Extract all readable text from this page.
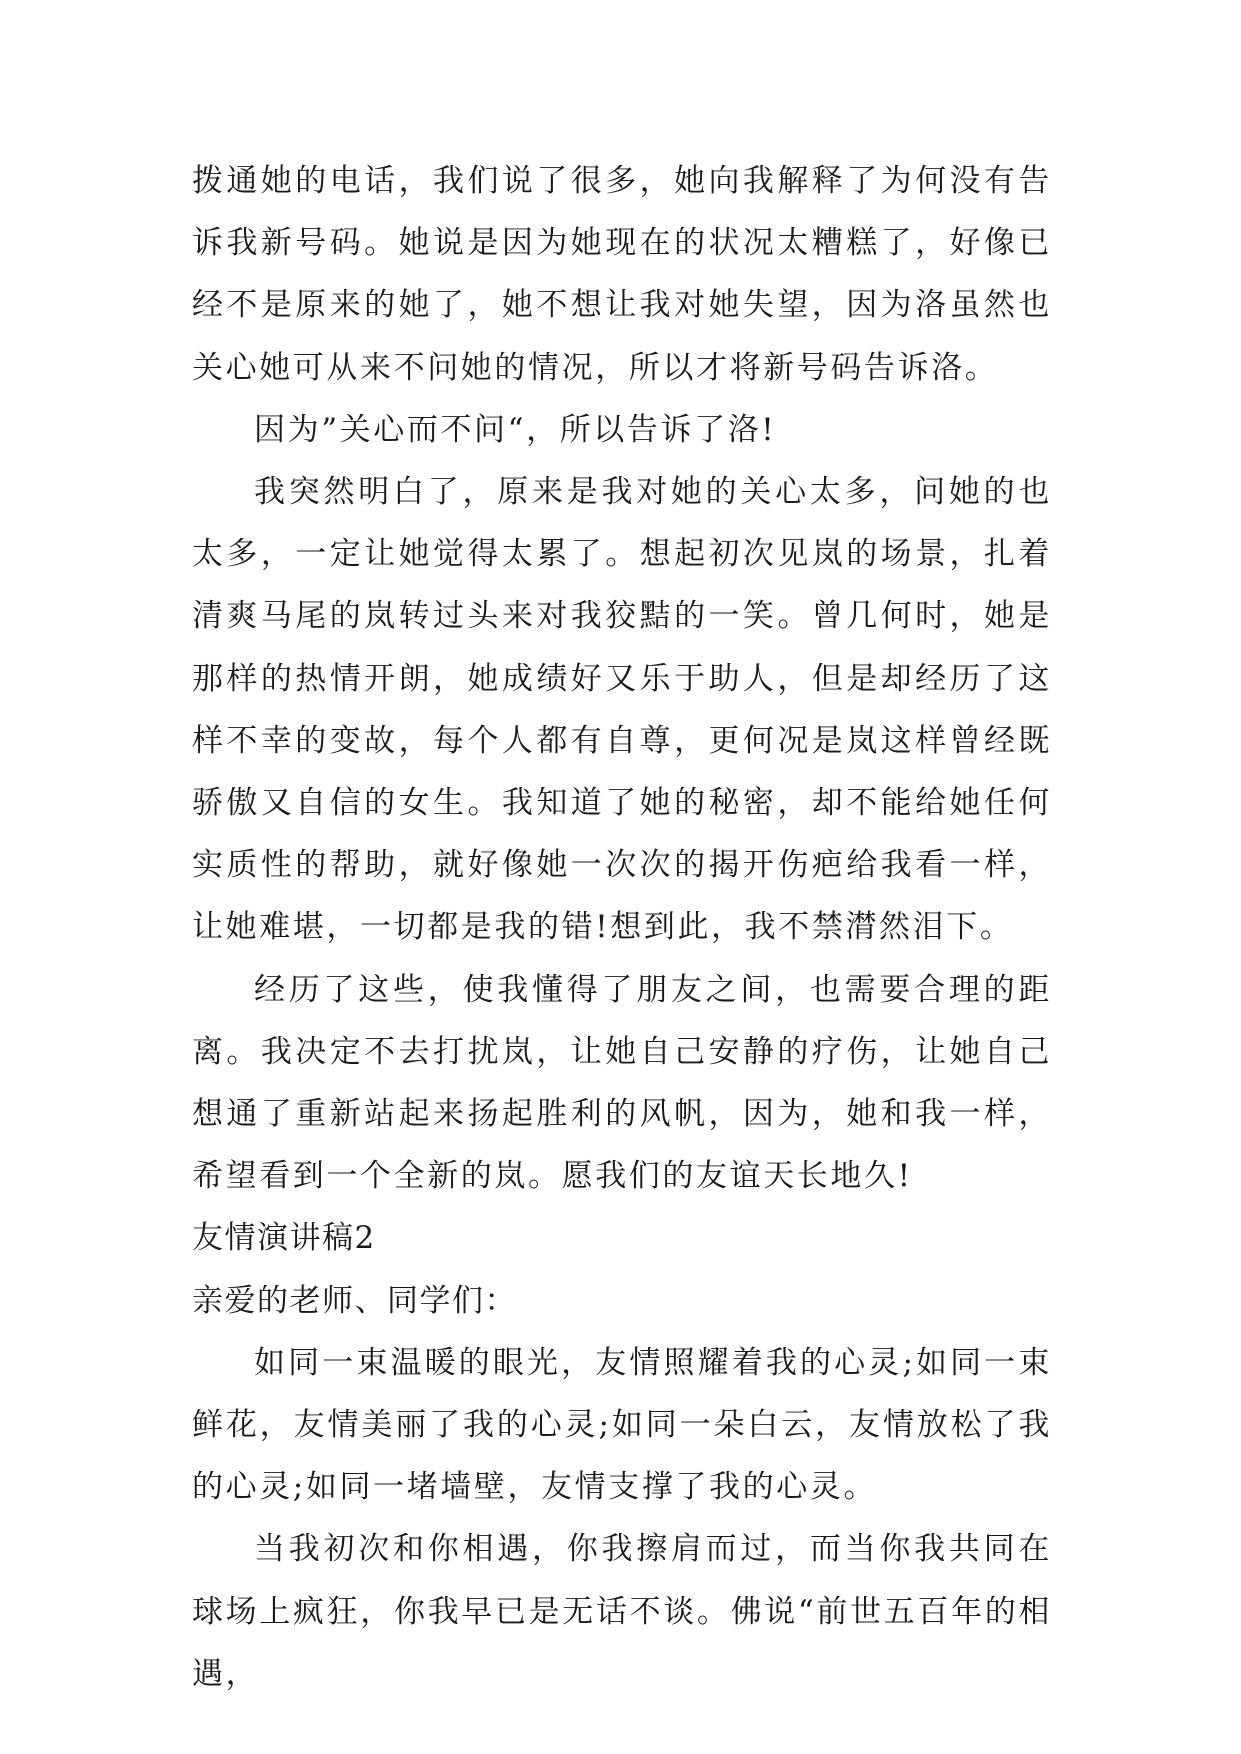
拨通她的电话，我们说了很多，她向我解释了为何没有告诉我新号码。她说是因为她现在的状况太糟糕了，好像已经不是原来的她了，她不想让我对她失望，因为洛虽然也关心她可从来不问她的情况，所以才将新号码告诉洛。

因为”关心而不问“，所以告诉了洛!

我突然明白了，原来是我对她的关心太多，问她的也太多，一定让她觉得太累了。想起初次见岚的场景，扎着清爽马尾的岚转过头来对我狡黠的一笑。曾几何时，她是那样的热情开朗，她成绩好又乐于助人，但是却经历了这样不幸的变故，每个人都有自尊，更何况是岚这样曾经既骄傲又自信的女生。我知道了她的秘密，却不能给她任何实质性的帮助，就好像她一次次的揭开伤疤给我看一样，让她难堪，一切都是我的错!想到此，我不禁潸然泪下。

经历了这些，使我懂得了朋友之间，也需要合理的距离。我决定不去打扰岚，让她自己安静的疗伤，让她自己想通了重新站起来扬起胜利的风帆，因为，她和我一样，希望看到一个全新的岚。愿我们的友谊天长地久!

友情演讲稿2

亲爱的老师、同学们：

如同一束温暖的眼光，友情照耀着我的心灵;如同一束鲜花，友情美丽了我的心灵;如同一朵白云，友情放松了我的心灵;如同一堵墙壁，友情支撑了我的心灵。

当我初次和你相遇，你我擦肩而过，而当你我共同在球场上疯狂，你我早已是无话不谈。佛说“前世五百年的相遇，
